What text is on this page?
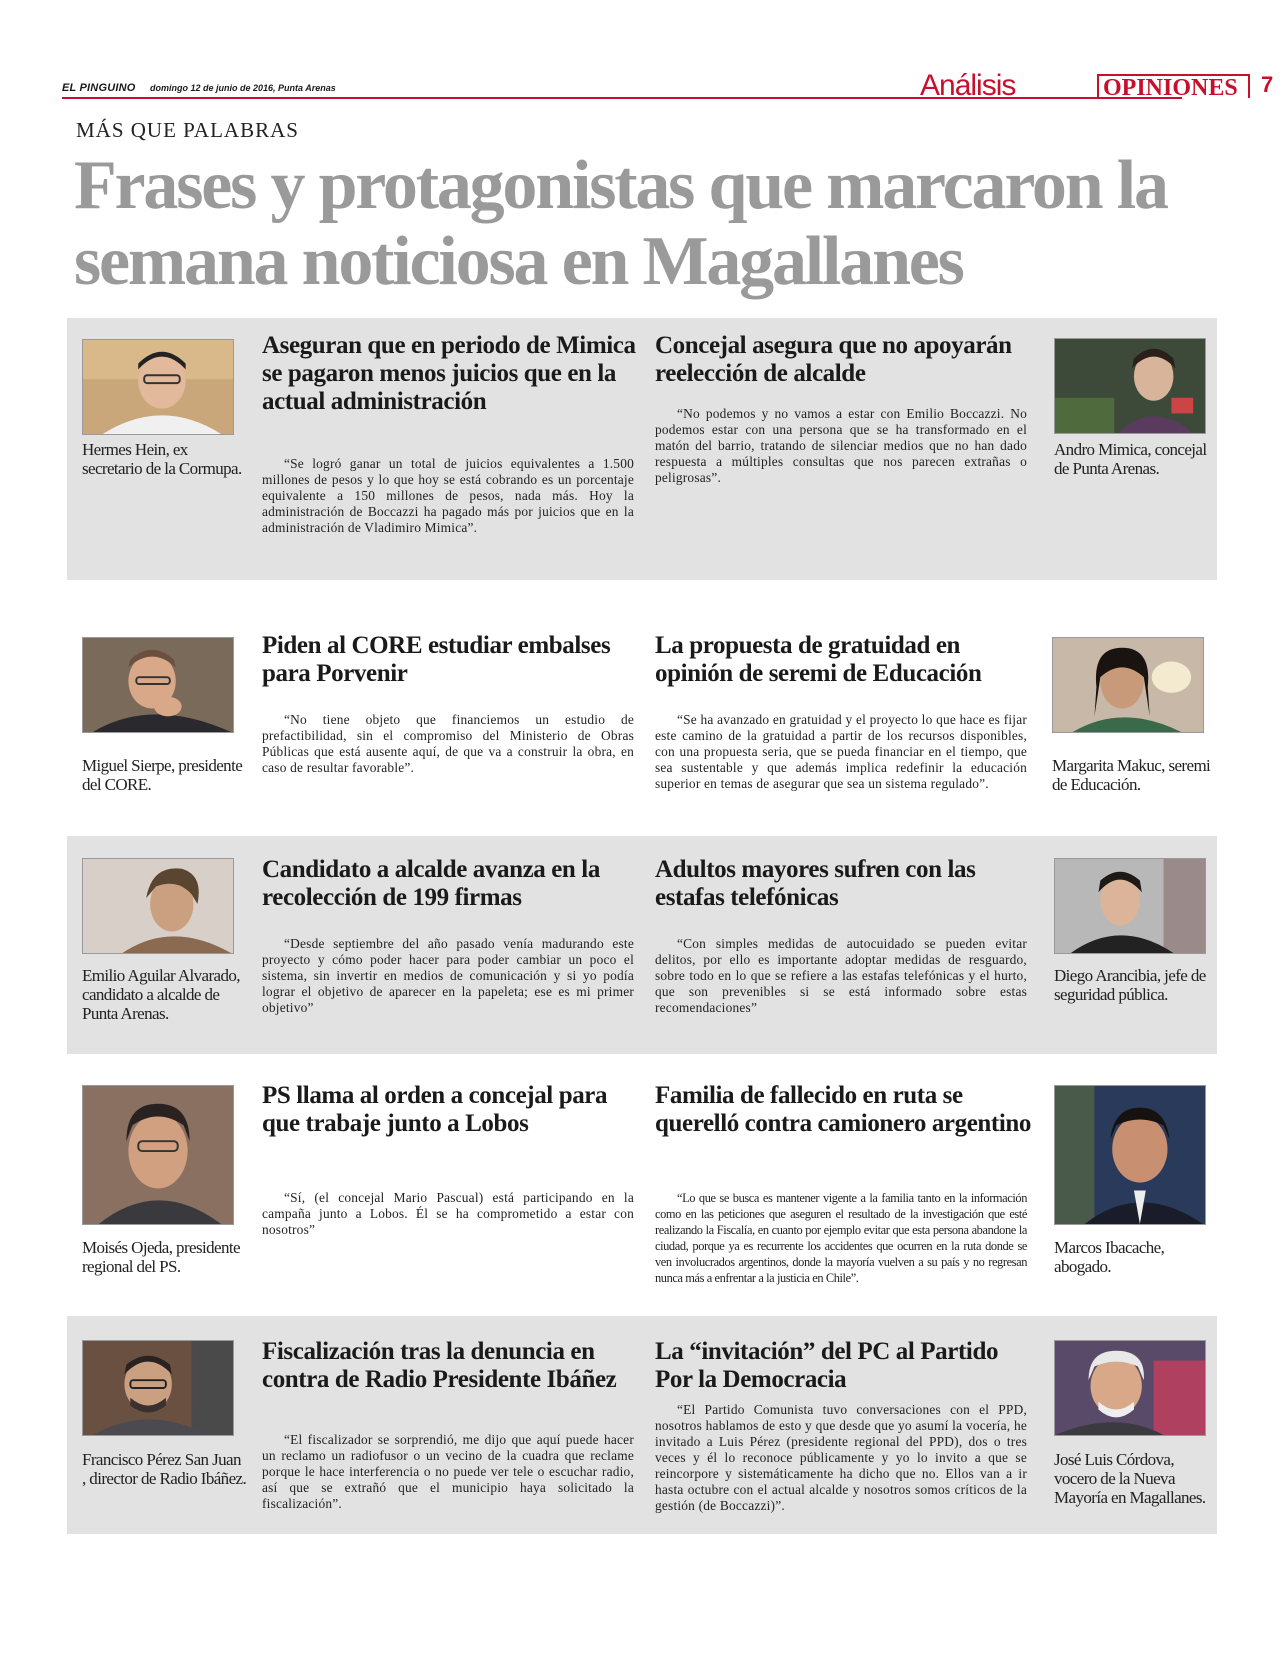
EL PINGUINO domingo 12 de junio de 2016, Punta Arenas	Análisis	OPINIONES	7
MÁS QUE PALABRAS
Frases y protagonistas que marcaron la semana noticiosa en Magallanes
Hermes Hein, ex secretario de la Cormupa.
Aseguran que en periodo de Mimica se pagaron menos juicios que en la actual administración
“Se logró ganar un total de juicios equivalentes a 1.500 millones de pesos y lo que hoy se está cobrando es un porcentaje equivalente a 150 millones de pesos, nada más. Hoy la administración de Boccazzi ha pagado más por juicios que en la administración de Vladimiro Mimica”.
Concejal asegura que no apoyarán reelección de alcalde
“No podemos y no vamos a estar con Emilio Boccazzi. No podemos estar con una persona que se ha transformado en el matón del barrio, tratando de silenciar medios que no han dado respuesta a múltiples consultas que nos parecen extrañas o peligrosas”.
Andro Mimica, concejal de Punta Arenas.
Miguel Sierpe, presidente del CORE.
Piden al CORE estudiar embalses para Porvenir
“No tiene objeto que financiemos un estudio de prefactibilidad, sin el compromiso del Ministerio de Obras Públicas que está ausente aquí, de que va a construir la obra, en caso de resultar favorable”.
La propuesta de gratuidad en opinión de seremi de Educación
“Se ha avanzado en gratuidad y el proyecto lo que hace es fijar este camino de la gratuidad a partir de los recursos disponibles, con una propuesta seria, que se pueda financiar en el tiempo, que sea sustentable y que además implica redefinir la educación superior en temas de asegurar que sea un sistema regulado”.
Margarita Makuc, seremi de Educación.
Emilio Aguilar Alvarado, candidato a alcalde de Punta Arenas.
Candidato a alcalde avanza en la recolección de 199 firmas
“Desde septiembre del año pasado venía madurando este proyecto y cómo poder hacer para poder cambiar un poco el sistema, sin invertir en medios de comunicación y si yo podía lograr el objetivo de aparecer en la papeleta; ese es mi primer objetivo”
Adultos mayores sufren con las estafas telefónicas
“Con simples medidas de autocuidado se pueden evitar delitos, por ello es importante adoptar medidas de resguardo, sobre todo en lo que se refiere a las estafas telefónicas y el hurto, que son prevenibles si se está informado sobre estas recomendaciones”
Diego Arancibia, jefe de seguridad pública.
Moisés Ojeda, presidente regional del PS.
PS llama al orden a concejal para que trabaje junto a Lobos
“Sí, (el concejal Mario Pascual) está participando en la campaña junto a Lobos. Él se ha comprometido a estar con nosotros”
Familia de fallecido en ruta se querelló contra camionero argentino
“Lo que se busca es mantener vigente a la familia tanto en la información como en las peticiones que aseguren el resultado de la investigación que esté realizando la Fiscalía, en cuanto por ejemplo evitar que esta persona abandone la ciudad, porque ya es recurrente los accidentes que ocurren en la ruta donde se ven involucrados argentinos, donde la mayoría vuelven a su país y no regresan nunca más a enfrentar a la justicia en Chile”.
Marcos Ibacache, abogado.
Francisco Pérez San Juan , director de Radio Ibáñez.
Fiscalización tras la denuncia en contra de Radio Presidente Ibáñez
“El fiscalizador se sorprendió, me dijo que aquí puede hacer un reclamo un radiofusor o un vecino de la cuadra que reclame porque le hace interferencia o no puede ver tele o escuchar radio, así que se extrañó que el municipio haya solicitado la fiscalización”.
La “invitación” del PC al Partido Por la Democracia
“El Partido Comunista tuvo conversaciones con el PPD, nosotros hablamos de esto y que desde que yo asumí la vocería, he invitado a Luis Pérez (presidente regional del PPD), dos o tres veces y él lo reconoce públicamente y yo lo invito a que se reincorpore y sistemáticamente ha dicho que no. Ellos van a ir hasta octubre con el actual alcalde y nosotros somos críticos de la gestión (de Boccazzi)”.
José Luis Córdova, vocero de la Nueva Mayoría en Magallanes.
